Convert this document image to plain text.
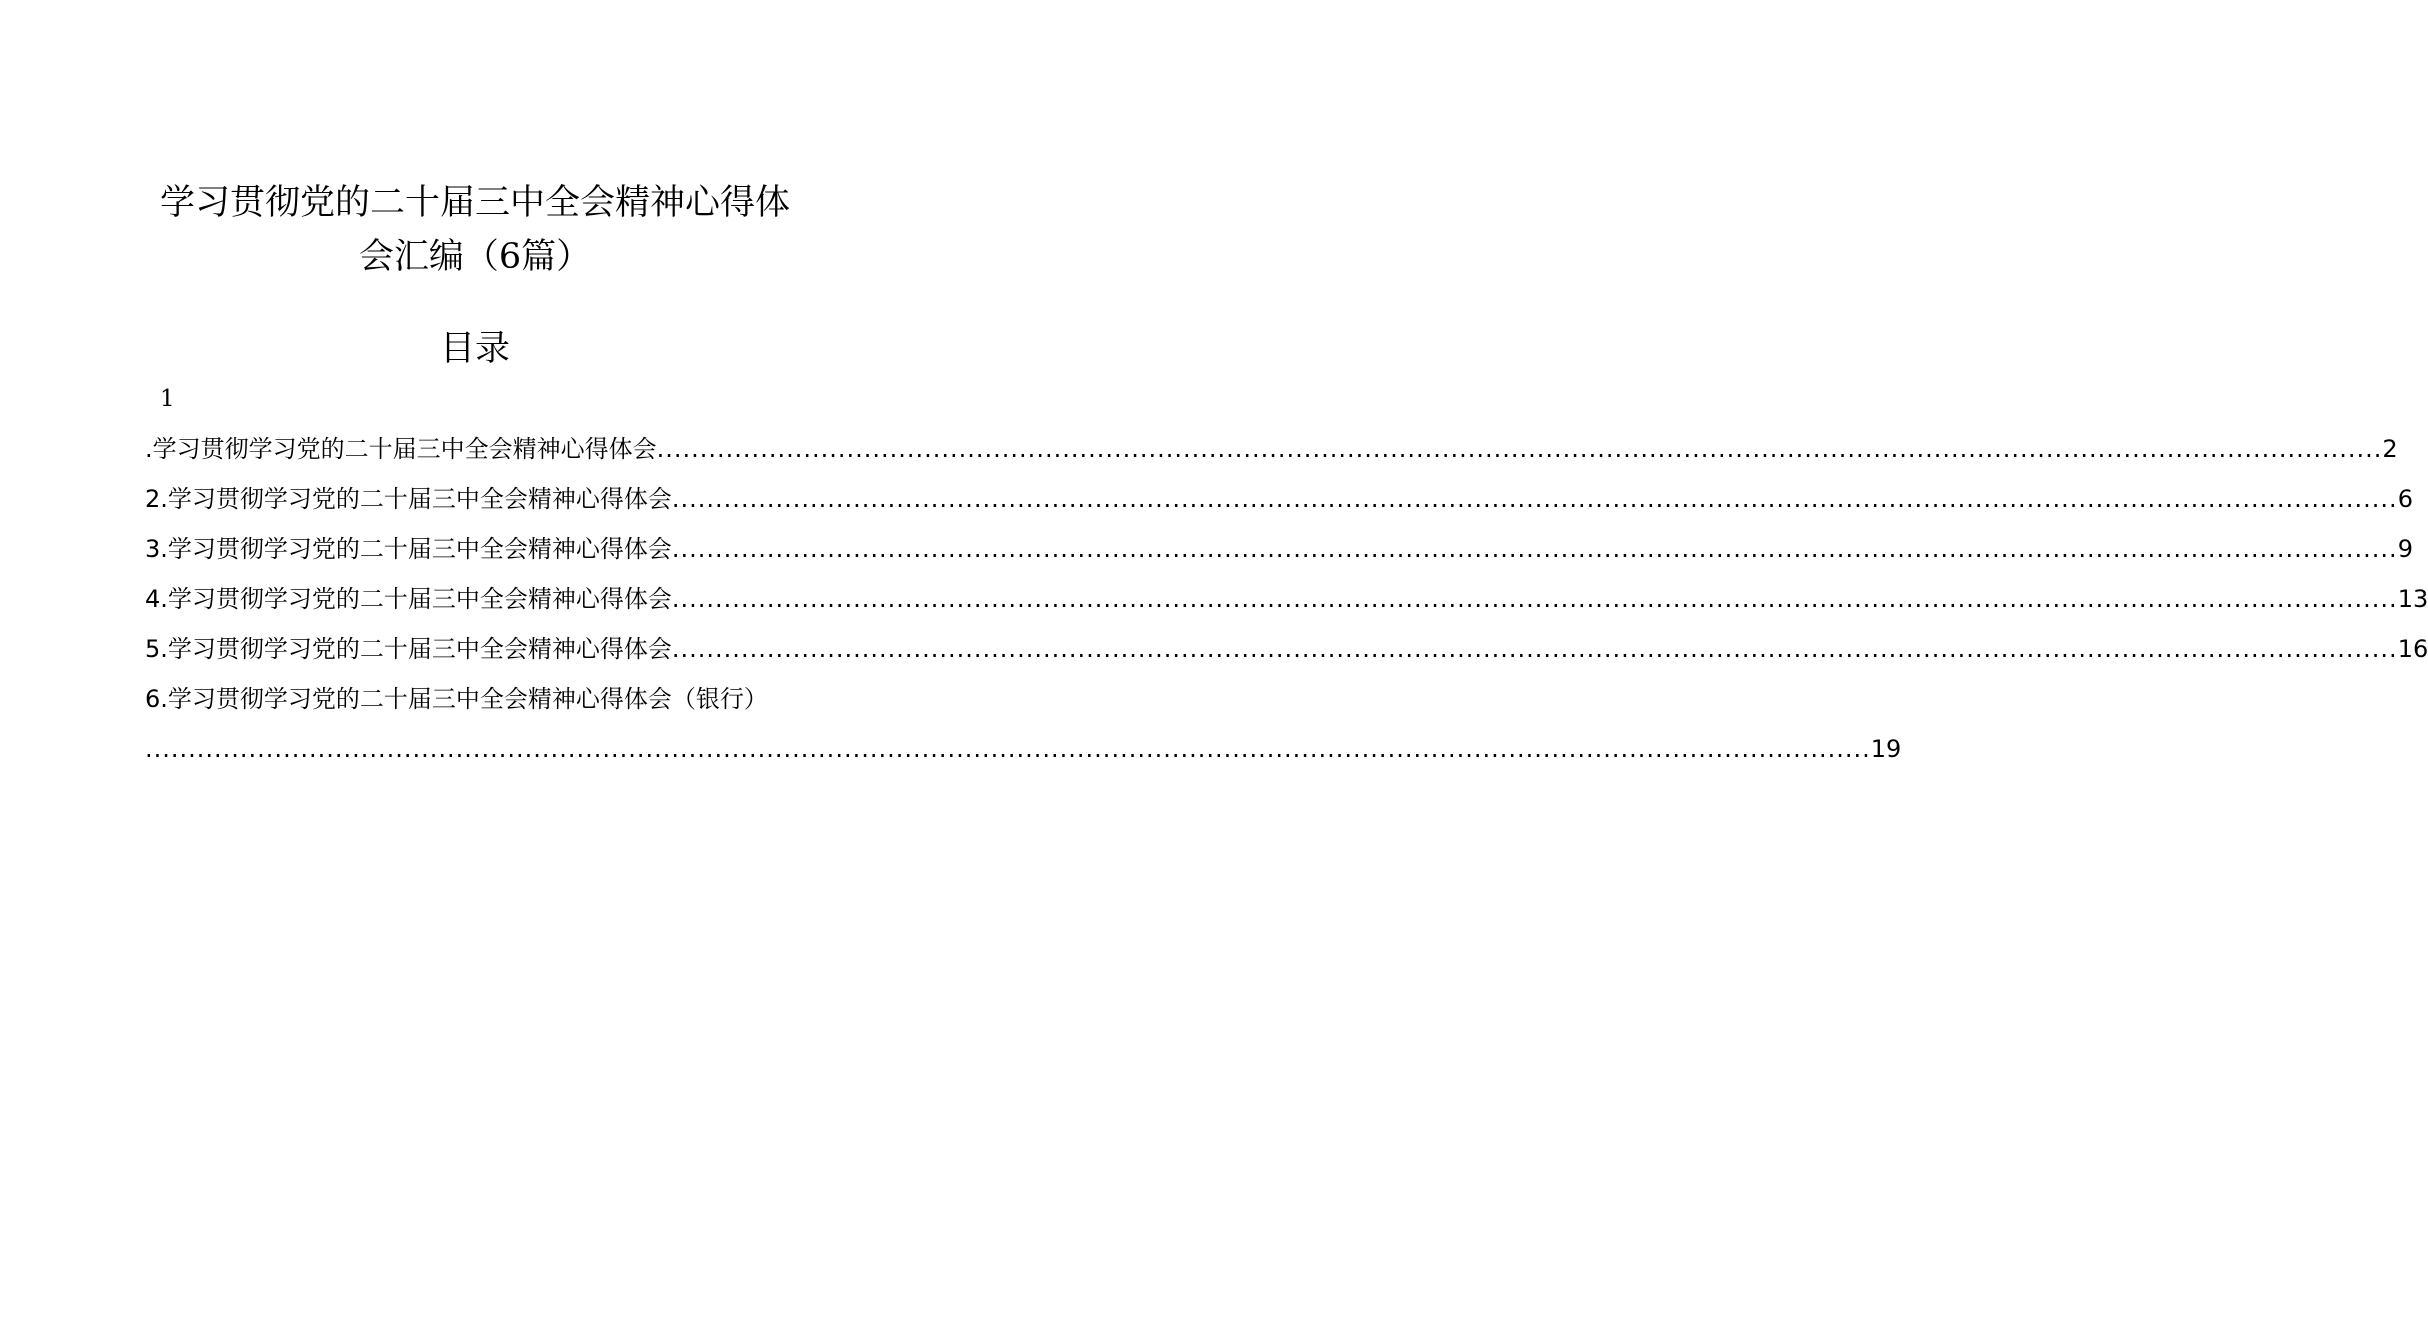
学习贯彻党的二十届三中全会精神心得体
会汇编（6篇）
目录
1
.学习贯彻学习党的二十届三中全会精神心得体会 ........................................................................................................................................................................................................ 2
2.学习贯彻学习党的二十届三中全会精神心得体会 ........................................................................................................................................................................................................ 6
3.学习贯彻学习党的二十届三中全会精神心得体会 ........................................................................................................................................................................................................ 9
4.学习贯彻学习党的二十届三中全会精神心得体会 ........................................................................................................................................................................................................ 13
5.学习贯彻学习党的二十届三中全会精神心得体会 ........................................................................................................................................................................................................ 16
6.学习贯彻学习党的二十届三中全会精神心得体会（银行）
........................................................................................................................................................................................................ 19
